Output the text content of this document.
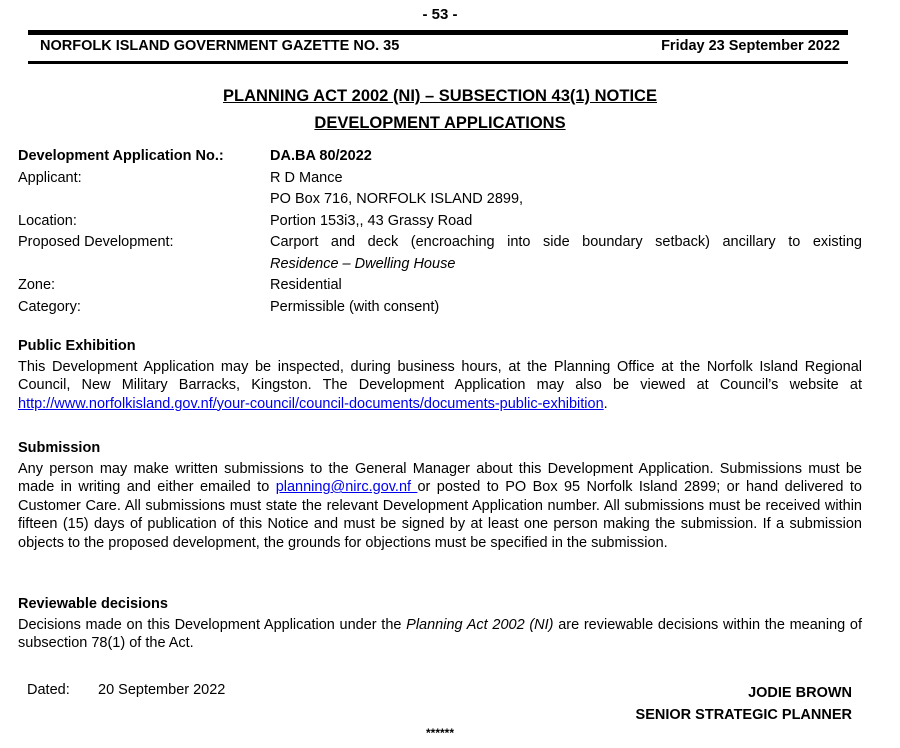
- 53 -
NORFOLK ISLAND GOVERNMENT GAZETTE NO. 35	Friday 23 September 2022
PLANNING ACT 2002 (NI) – SUBSECTION 43(1) NOTICE
DEVELOPMENT APPLICATIONS
Development Application No.:	DA.BA 80/2022
Applicant:	R D Mance
PO Box 716, NORFOLK ISLAND 2899,
Location:	Portion 153i3,, 43 Grassy Road
Proposed Development:	Carport and deck (encroaching into side boundary setback) ancillary to existing
Residence – Dwelling House
Zone:	Residential
Category:	Permissible (with consent)
Public Exhibition

This Development Application may be inspected, during business hours, at the Planning Office at the Norfolk Island Regional Council, New Military Barracks, Kingston. The Development Application may also be viewed at Council’s website at http://www.norfolkisland.gov.nf/your-council/council-documents/documents-public-exhibition.

Submission

Any person may make written submissions to the General Manager about this Development Application. Submissions must be made in writing and either emailed to planning@nirc.gov.nf or posted to PO Box 95 Norfolk Island 2899; or hand delivered to Customer Care. All submissions must state the relevant Development Application number. All submissions must be received within fifteen (15) days of publication of this Notice and must be signed by at least one person making the submission. If a submission objects to the proposed development, the grounds for objections must be specified in the submission.

Reviewable decisions

Decisions made on this Development Application under the Planning Act 2002 (NI) are reviewable decisions within the meaning of subsection 78(1) of the Act.

Dated: 20 September 2022	JODIE BROWN
SENIOR STRATEGIC PLANNER
******
